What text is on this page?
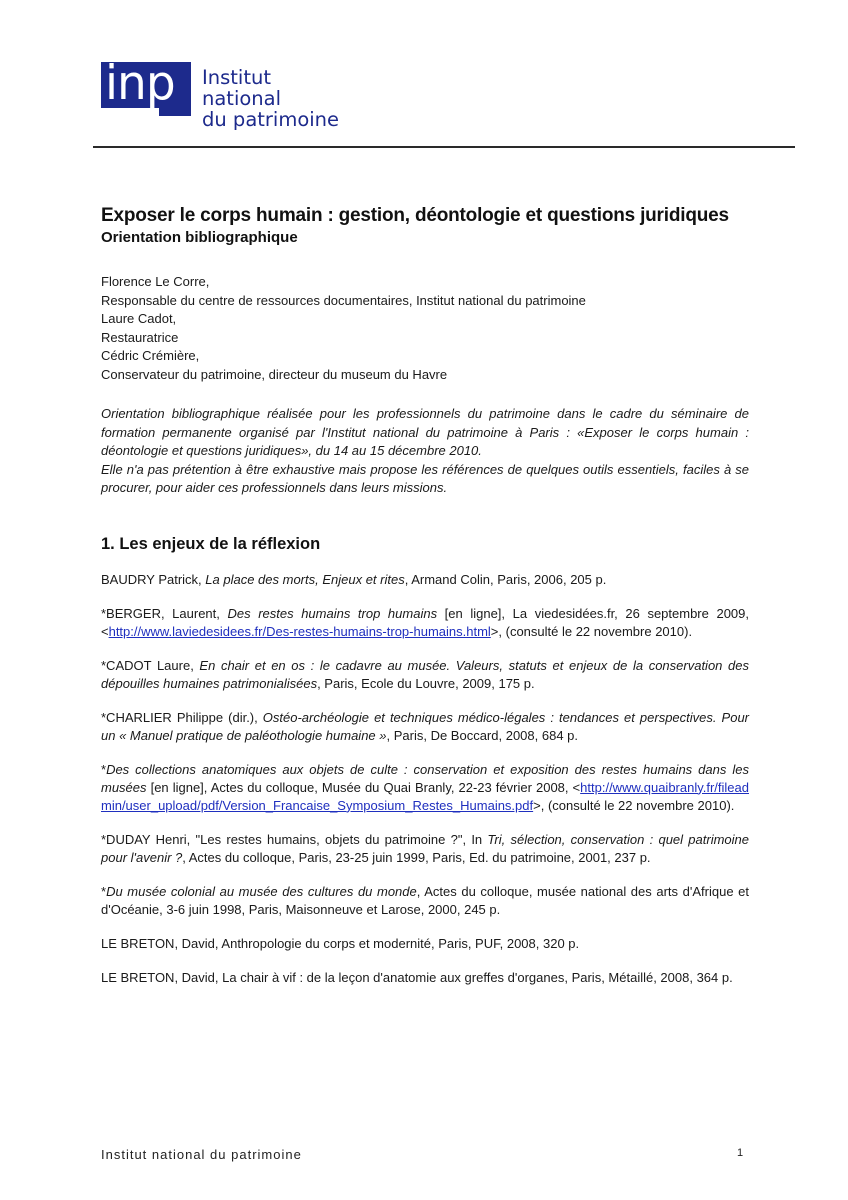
inp Institut national
du patrimoine
Exposer le corps humain : gestion, déontologie et questions juridiques
Orientation bibliographique
Florence Le Corre,
Responsable du centre de ressources documentaires, Institut national du patrimoine
Laure Cadot,
Restauratrice
Cédric Crémière,
Conservateur du patrimoine, directeur du museum du Havre

Orientation bibliographique réalisée pour les professionnels du patrimoine dans le cadre du séminaire de formation permanente organisé par l'Institut national du patrimoine à Paris : «Exposer le corps humain : déontologie et questions juridiques», du 14 au 15 décembre 2010.

Elle n'a pas prétention à être exhaustive mais propose les références de quelques outils essentiels, faciles à se procurer, pour aider ces professionnels dans leurs missions.

1. Les enjeux de la réflexion

BAUDRY Patrick, La place des morts, Enjeux et rites, Armand Colin, Paris, 2006, 205 p.

*BERGER, Laurent, Des restes humains trop humains [en ligne], La viedesidées.fr, 26 septembre 2009, <http://www.laviedesidees.fr/Des-restes-humains-trop-humains.html>, (consulté le 22 novembre 2010).

*CADOT Laure, En chair et en os : le cadavre au musée. Valeurs, statuts et enjeux de la conservation des dépouilles humaines patrimonialisées, Paris, Ecole du Louvre, 2009, 175 p.

*CHARLIER Philippe (dir.), Ostéo-archéologie et techniques médico-légales : tendances et perspectives. Pour un « Manuel pratique de paléothologie humaine », Paris, De Boccard, 2008, 684 p.

*Des collections anatomiques aux objets de culte : conservation et exposition des restes humains dans les musées [en ligne], Actes du colloque, Musée du Quai Branly, 22-23 février 2008, <http://www.quaibranly.fr/fileadmin/user_upload/pdf/Version_Francaise_Symposium_Restes_Humains.pdf>, (consulté le 22 novembre 2010).

*DUDAY Henri, "Les restes humains, objets du patrimoine ?", In Tri, sélection, conservation : quel patrimoine pour l'avenir ?, Actes du colloque, Paris, 23-25 juin 1999, Paris, Ed. du patrimoine, 2001, 237 p.

*Du musée colonial au musée des cultures du monde, Actes du colloque, musée national des arts d'Afrique et d'Océanie, 3-6 juin 1998, Paris, Maisonneuve et Larose, 2000, 245 p.

LE BRETON, David, Anthropologie du corps et modernité, Paris, PUF, 2008, 320 p.

LE BRETON, David, La chair à vif : de la leçon d'anatomie aux greffes d'organes, Paris, Métaillé, 2008, 364 p.

Institut national du patrimoine	1
